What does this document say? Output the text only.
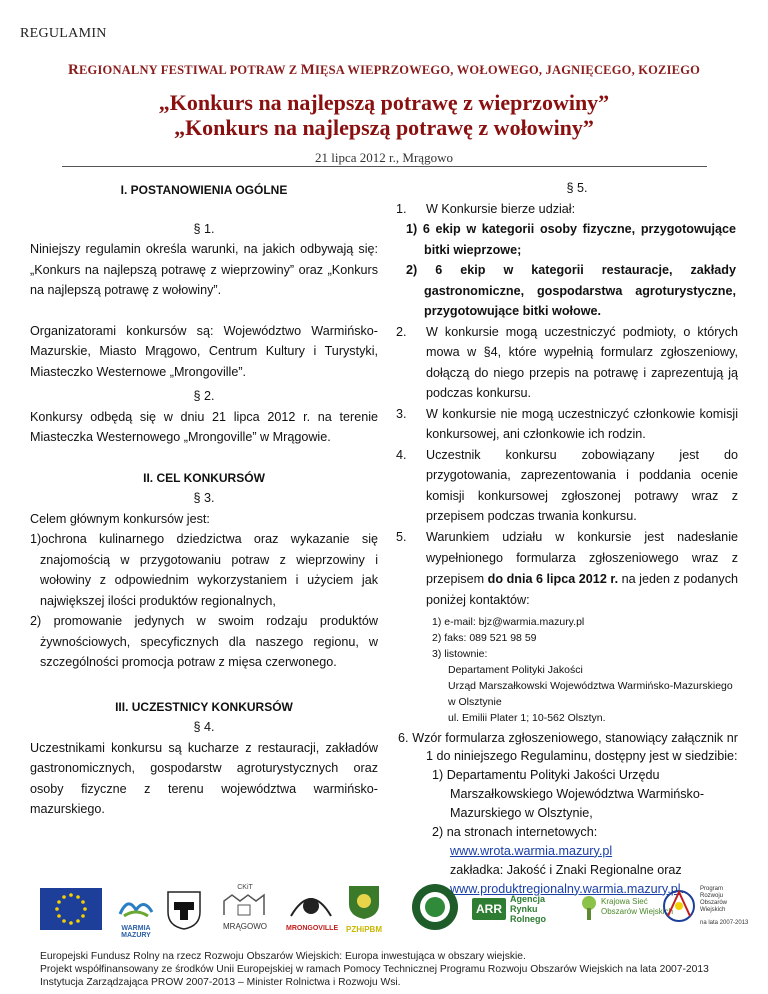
REGULAMIN
REGIONALNY FESTIWAL POTRAW Z MIĘSA WIEPRZOWEGO, WOŁOWEGO, JAGNIĘCEGO, KOZIEGO
„Konkurs na najlepszą potrawę z wieprzowiny”
„Konkurs na najlepszą potrawę z wołowiny”
21 lipca 2012 r., Mrągowo
I. POSTANOWIENIA OGÓLNE
§ 1.
Niniejszy regulamin określa warunki, na jakich odbywają się: „Konkurs na najlepszą potrawę z wieprzowiny” oraz „Konkurs na najlepszą potrawę z wołowiny”.
Organizatorami konkursów są: Województwo Warmińsko-Mazurskie, Miasto Mrągowo, Centrum Kultury i Turystyki, Miasteczko Westernowe „Mrongoville”.
§ 2.
Konkursy odbędą się w dniu 21 lipca 2012 r. na terenie Miasteczka Westernowego „Mrongoville” w Mrągowie.
II. CEL KONKURSÓW
§ 3.
Celem głównym konkursów jest:
1)ochrona kulinarnego dziedzictwa oraz wykazanie się znajomością w przygotowaniu potraw z wieprzowiny i wołowiny z odpowiednim wykorzystaniem i użyciem jak największej ilości produktów regionalnych,
2) promowanie jedynych w swoim rodzaju produktów żywnościowych, specyficznych dla naszego regionu, w szczególności promocja potraw z mięsa czerwonego.
III. UCZESTNICY KONKURSÓW
§ 4.
Uczestnikami konkursu są kucharze z restauracji, zakładów gastronomicznych, gospodarstw agroturystycznych oraz osoby fizyczne z terenu województwa warmińsko-mazurskiego.
§ 5.
1.	W Konkursie bierze udział:
1) 6 ekip w kategorii osoby fizyczne, przygotowujące bitki wieprzowe;
2) 6 ekip w kategorii restauracje, zakłady gastronomiczne, gospodarstwa agroturystyczne, przygotowujące bitki wołowe.
2.	W konkursie mogą uczestniczyć podmioty, o których mowa w §4, które wypełnią formularz zgłoszeniowy, dołączą do niego przepis na potrawę i zaprezentują ją podczas konkursu.
3.	W konkursie nie mogą uczestniczyć członkowie komisji konkursowej, ani członkowie ich rodzin.
4.	Uczestnik konkursu zobowiązany jest do przygotowania, zaprezentowania i poddania ocenie komisji konkursowej zgłoszonej potrawy wraz z przepisem podczas trwania konkursu.
5.	Warunkiem udziału w konkursie jest nadesłanie wypełnionego formularza zgłoszeniowego wraz z przepisem do dnia 6 lipca 2012 r. na jeden z podanych poniżej kontaktów:
1) e-mail: bjz@warmia.mazury.pl
2) faks: 089 521 98 59
3) listownie:
Departament Polityki Jakości
Urząd Marszałkowski Województwa Warmińsko-Mazurskiego w Olsztynie
ul. Emilii Plater 1; 10-562 Olsztyn.
6. Wzór formularza zgłoszeniowego, stanowiący załącznik nr 1 do niniejszego Regulaminu, dostępny jest w siedzibie:
1) Departamentu Polityki Jakości Urzędu Marszałkowskiego Województwa Warmińsko-Mazurskiego w Olsztynie,
2) na stronach internetowych:
www.wrota.warmia.mazury.pl
zakładka: Jakość i Znaki Regionalne oraz
www.produktregionalny.warmia.mazury.pl.
WARMIA MAZURY
CKiT
MRĄGOWO	MRONGOVILLE PZHiPBM
ARR
Agencja
Rynku
Rolnego
Krajowa Sieć
Obszarów Wiejskich
Program
Rozwoju
Obszarów
Wiejskich
na lata 2007-2013
Europejski Fundusz Rolny na rzecz Rozwoju Obszarów Wiejskich: Europa inwestująca w obszary wiejskie.
Projekt współfinansowany ze środków Unii Europejskiej w ramach Pomocy Technicznej Programu Rozwoju Obszarów Wiejskich na lata 2007-2013
Instytucja Zarządzająca PROW 2007-2013 – Minister Rolnictwa i Rozwoju Wsi.
